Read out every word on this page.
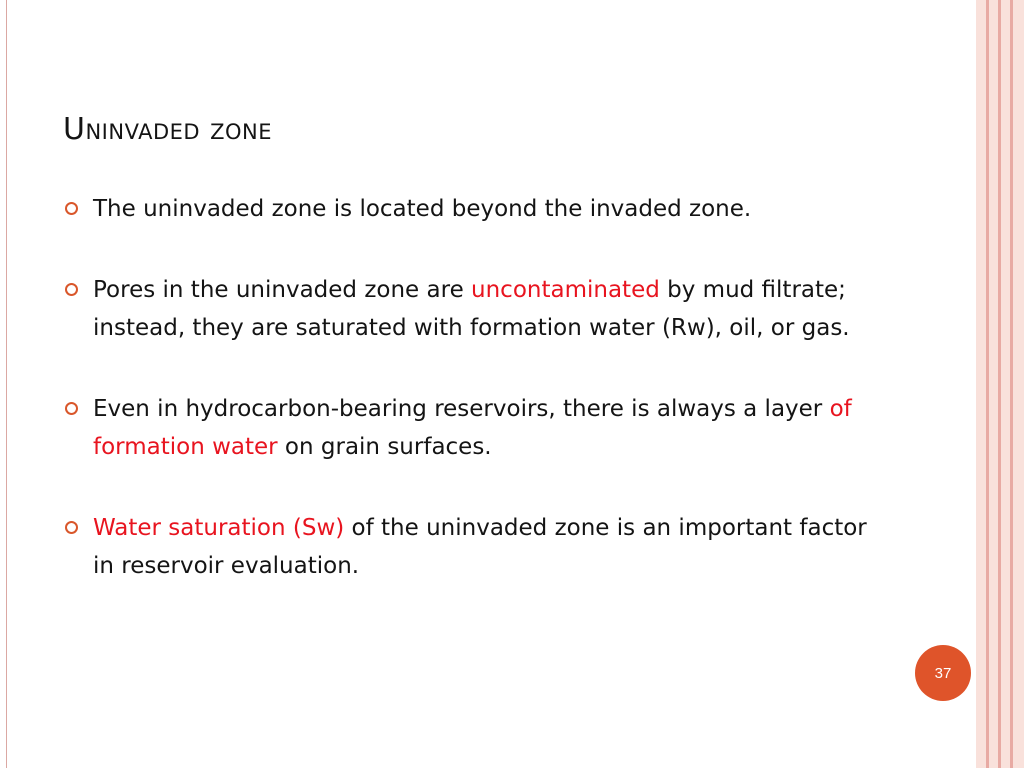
Uninvaded zone
The uninvaded zone is located beyond the invaded zone.
Pores in the uninvaded zone are uncontaminated by mud filtrate; instead, they are saturated with formation water (Rw), oil, or gas.
Even in hydrocarbon-bearing reservoirs, there is always a layer of formation water on grain surfaces.
Water saturation (Sw) of the uninvaded zone is an important factor in reservoir evaluation.
37
